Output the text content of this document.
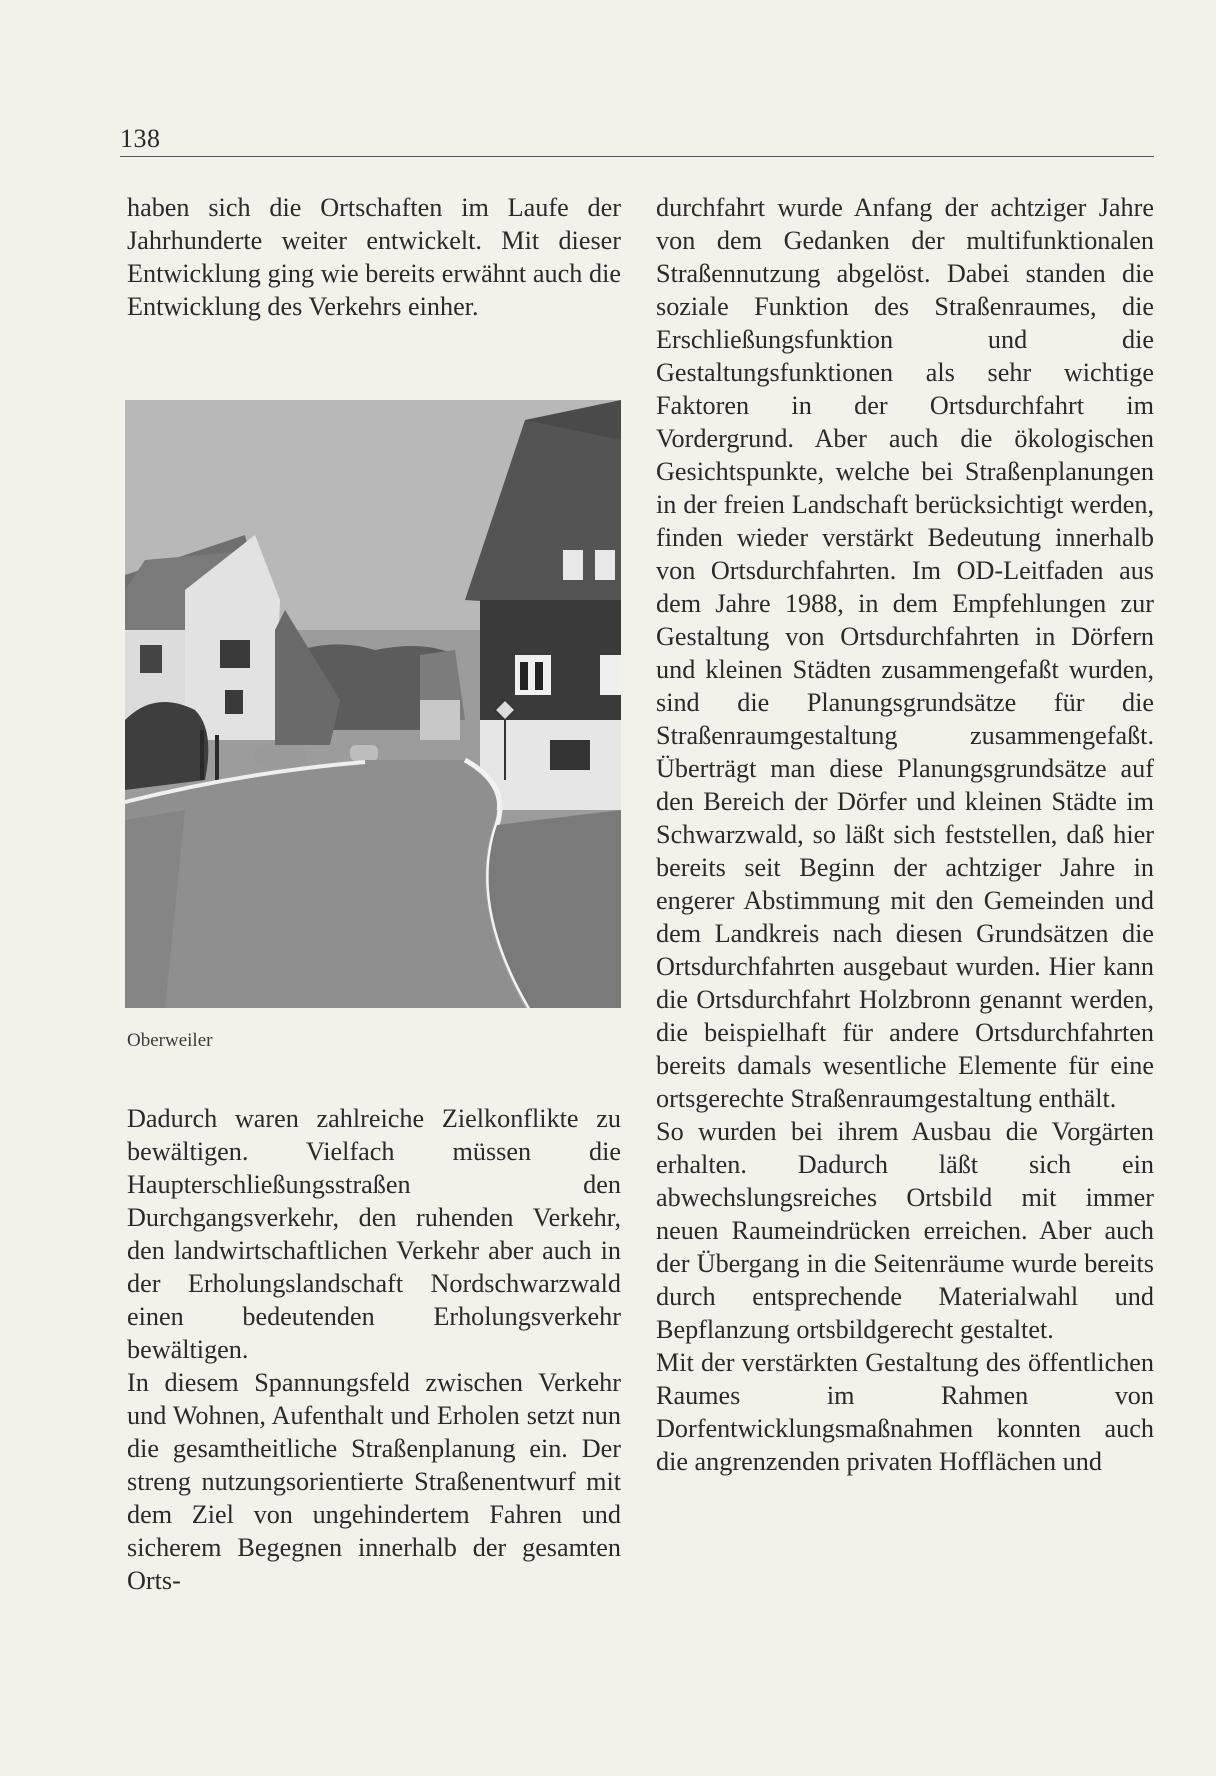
138

haben sich die Ortschaften im Laufe der Jahrhunderte weiter entwickelt. Mit dieser Entwicklung ging wie bereits erwähnt auch die Entwicklung des Verkehrs einher.

Oberweiler

Dadurch waren zahlreiche Zielkonflikte zu bewältigen. Vielfach müssen die Haupterschließungsstraßen den Durchgangsverkehr, den ruhenden Verkehr, den landwirtschaftlichen Verkehr aber auch in der Erholungslandschaft Nordschwarzwald einen bedeutenden Erholungsverkehr bewältigen.

In diesem Spannungsfeld zwischen Verkehr und Wohnen, Aufenthalt und Erholen setzt nun die gesamtheitliche Straßenplanung ein. Der streng nutzungsorientierte Straßenentwurf mit dem Ziel von ungehindertem Fahren und sicherem Begegnen innerhalb der gesamten Orts-

durchfahrt wurde Anfang der achtziger Jahre von dem Gedanken der multifunktionalen Straßennutzung abgelöst. Dabei standen die soziale Funktion des Straßenraumes, die Erschließungsfunktion und die Gestaltungsfunktionen als sehr wichtige Faktoren in der Ortsdurchfahrt im Vordergrund. Aber auch die ökologischen Gesichtspunkte, welche bei Straßenplanungen in der freien Landschaft berücksichtigt werden, finden wieder verstärkt Bedeutung innerhalb von Ortsdurchfahrten. Im OD-Leitfaden aus dem Jahre 1988, in dem Empfehlungen zur Gestaltung von Ortsdurchfahrten in Dörfern und kleinen Städten zusammengefaßt wurden, sind die Planungsgrundsätze für die Straßenraumgestaltung zusammengefaßt. Überträgt man diese Planungsgrundsätze auf den Bereich der Dörfer und kleinen Städte im Schwarzwald, so läßt sich feststellen, daß hier bereits seit Beginn der achtziger Jahre in engerer Abstimmung mit den Gemeinden und dem Landkreis nach diesen Grundsätzen die Ortsdurchfahrten ausgebaut wurden. Hier kann die Ortsdurchfahrt Holzbronn genannt werden, die beispielhaft für andere Ortsdurchfahrten bereits damals wesentliche Elemente für eine ortsgerechte Straßenraumgestaltung enthält.

So wurden bei ihrem Ausbau die Vorgärten erhalten. Dadurch läßt sich ein abwechslungsreiches Ortsbild mit immer neuen Raumeindrücken erreichen. Aber auch der Übergang in die Seitenräume wurde bereits durch entsprechende Materialwahl und Bepflanzung ortsbildgerecht gestaltet.

Mit der verstärkten Gestaltung des öffentlichen Raumes im Rahmen von Dorfentwicklungsmaßnahmen konnten auch die angrenzenden privaten Hofflächen und
